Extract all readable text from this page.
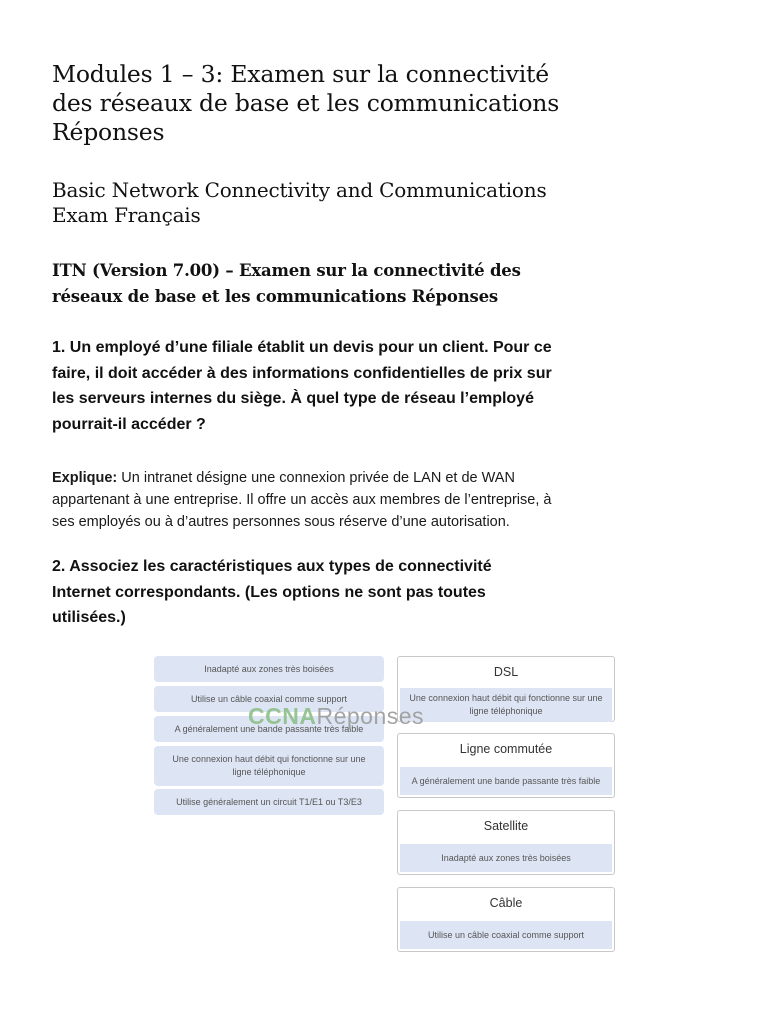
Modules 1 – 3: Examen sur la connectivité des réseaux de base et les communications Réponses
Basic Network Connectivity and Communications Exam Français
ITN (Version 7.00) – Examen sur la connectivité des réseaux de base et les communications Réponses

1. Un employé d’une filiale établit un devis pour un client. Pour ce faire, il doit accéder à des informations confidentielles de prix sur les serveurs internes du siège. À quel type de réseau l’employé pourrait-il accéder ?

Explique: Un intranet désigne une connexion privée de LAN et de WAN appartenant à une entreprise. Il offre un accès aux membres de l’entreprise, à ses employés ou à d’autres personnes sous réserve d’une autorisation.

2. Associez les caractéristiques aux types de connectivité Internet correspondants. (Les options ne sont pas toutes utilisées.)

Inadapté aux zones très boisées
Utilise un câble coaxial comme support
A généralement une bande passante très faible
Une connexion haut débit qui fonctionne sur une ligne téléphonique
Utilise généralement un circuit T1/E1 ou T3/E3
DSL
Une connexion haut débit qui fonctionne sur une ligne téléphonique
Ligne commutée
A généralement une bande passante très faible
Satellite
Inadapté aux zones très boisées
Câble
Utilise un câble coaxial comme support
CCNARéponses
